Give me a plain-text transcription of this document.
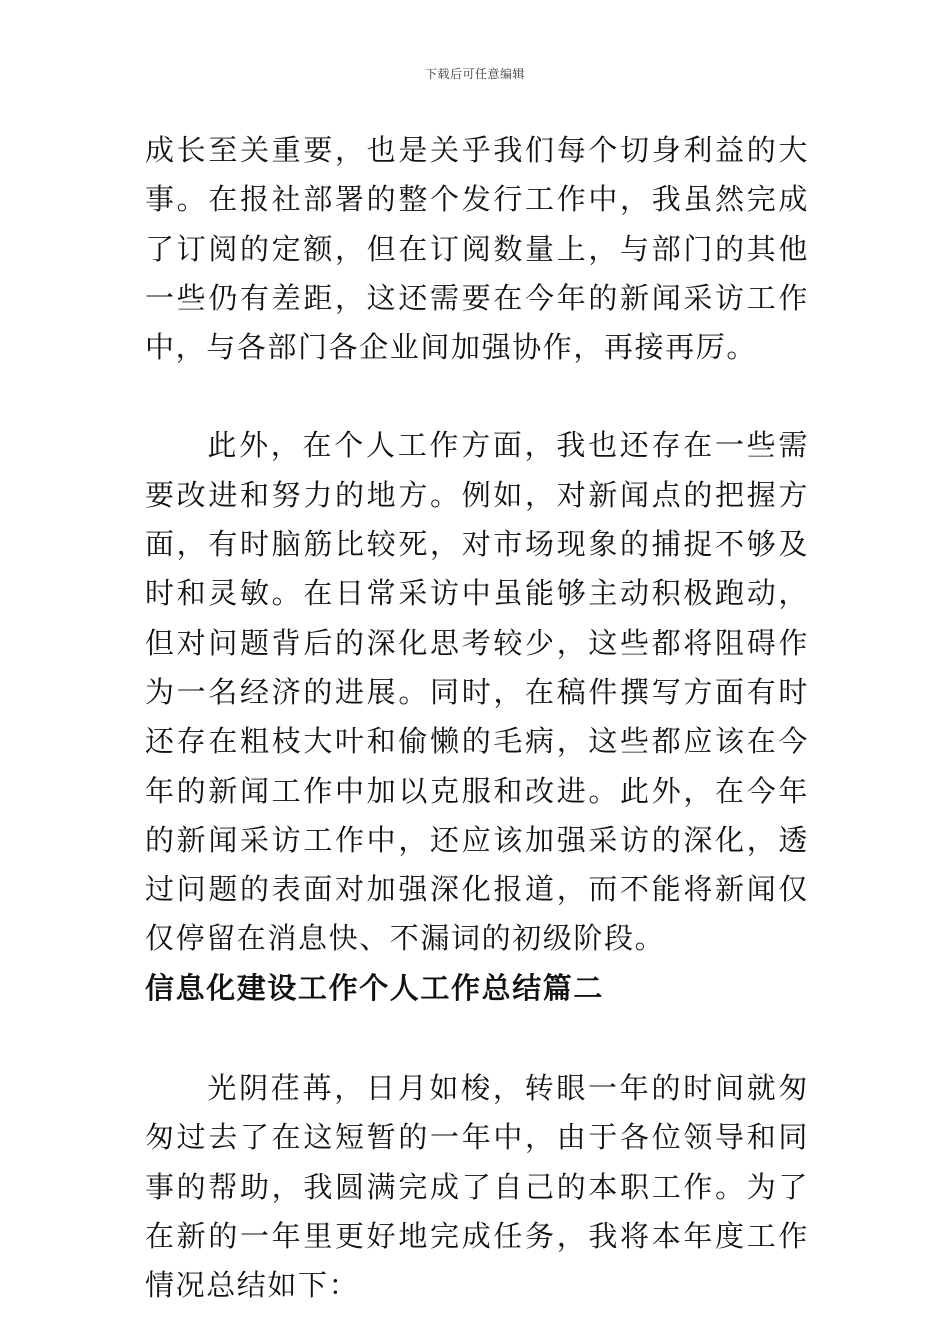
下载后可任意编辑

成长至关重要，也是关乎我们每个切身利益的大事。在报社部署的整个发行工作中，我虽然完成了订阅的定额，但在订阅数量上，与部门的其他一些仍有差距，这还需要在今年的新闻采访工作中，与各部门各企业间加强协作，再接再厉。

此外，在个人工作方面，我也还存在一些需要改进和努力的地方。例如，对新闻点的把握方面，有时脑筋比较死，对市场现象的捕捉不够及时和灵敏。在日常采访中虽能够主动积极跑动，但对问题背后的深化思考较少，这些都将阻碍作为一名经济的进展。同时，在稿件撰写方面有时还存在粗枝大叶和偷懒的毛病，这些都应该在今年的新闻工作中加以克服和改进。此外，在今年的新闻采访工作中，还应该加强采访的深化，透过问题的表面对加强深化报道，而不能将新闻仅仅停留在消息快、不漏词的初级阶段。

信息化建设工作个人工作总结篇二

光阴荏苒，日月如梭，转眼一年的时间就匆匆过去了在这短暂的一年中，由于各位领导和同事的帮助，我圆满完成了自己的本职工作。为了在新的一年里更好地完成任务，我将本年度工作情况总结如下：
